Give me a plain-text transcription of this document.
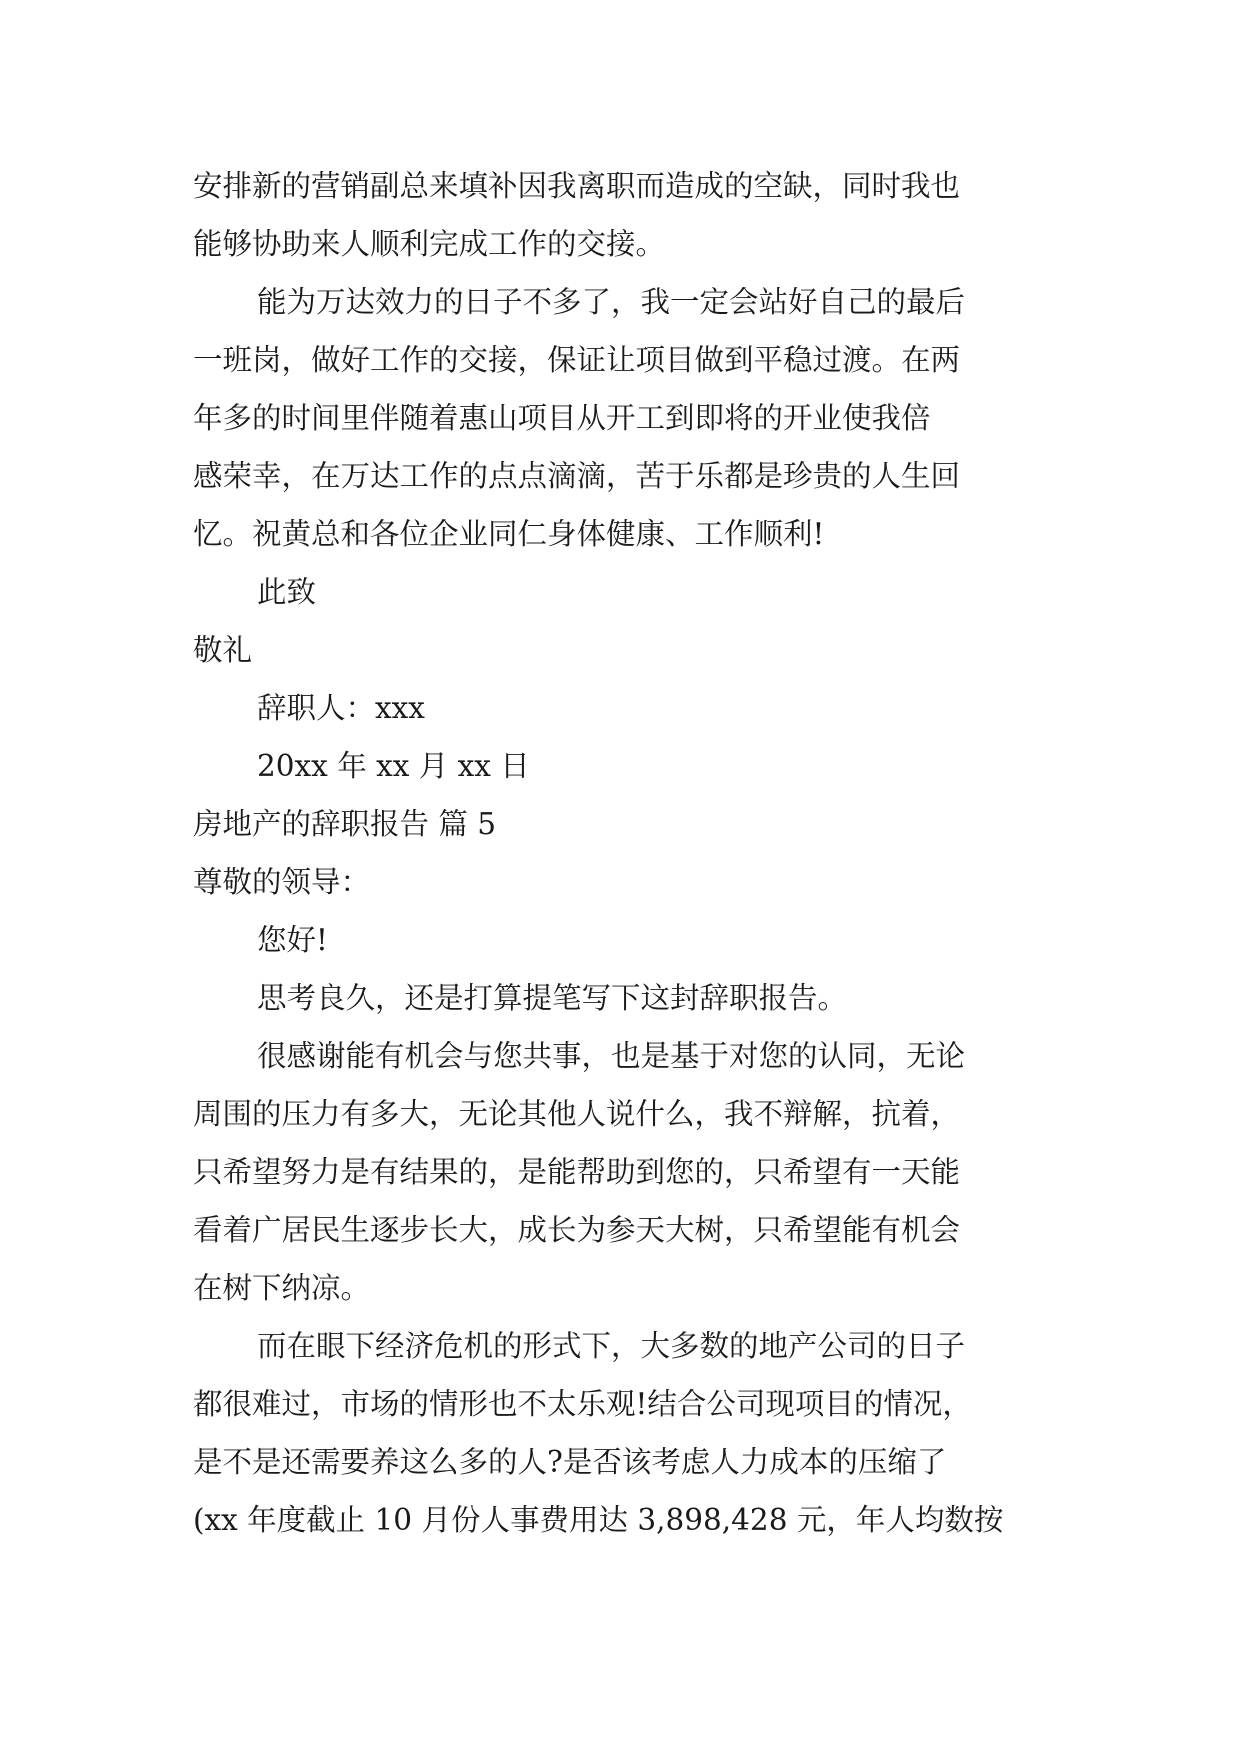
安排新的营销副总来填补因我离职而造成的空缺，同时我也
能够协助来人顺利完成工作的交接。
能为万达效力的日子不多了，我一定会站好自己的最后
一班岗，做好工作的交接，保证让项目做到平稳过渡。在两
年多的时间里伴随着惠山项目从开工到即将的开业使我倍
感荣幸，在万达工作的点点滴滴，苦于乐都是珍贵的人生回
忆。祝黄总和各位企业同仁身体健康、工作顺利!
此致
敬礼
辞职人：xxx
20xx 年 xx 月 xx 日
房地产的辞职报告 篇 5
尊敬的领导：
您好!
思考良久，还是打算提笔写下这封辞职报告。
很感谢能有机会与您共事，也是基于对您的认同，无论
周围的压力有多大，无论其他人说什么，我不辩解，抗着，
只希望努力是有结果的，是能帮助到您的，只希望有一天能
看着广居民生逐步长大，成长为参天大树，只希望能有机会
在树下纳凉。
而在眼下经济危机的形式下，大多数的地产公司的日子
都很难过，市场的情形也不太乐观!结合公司现项目的情况，
是不是还需要养这么多的人?是否该考虑人力成本的压缩了
(xx 年度截止 10 月份人事费用达 3,898,428 元，年人均数按
